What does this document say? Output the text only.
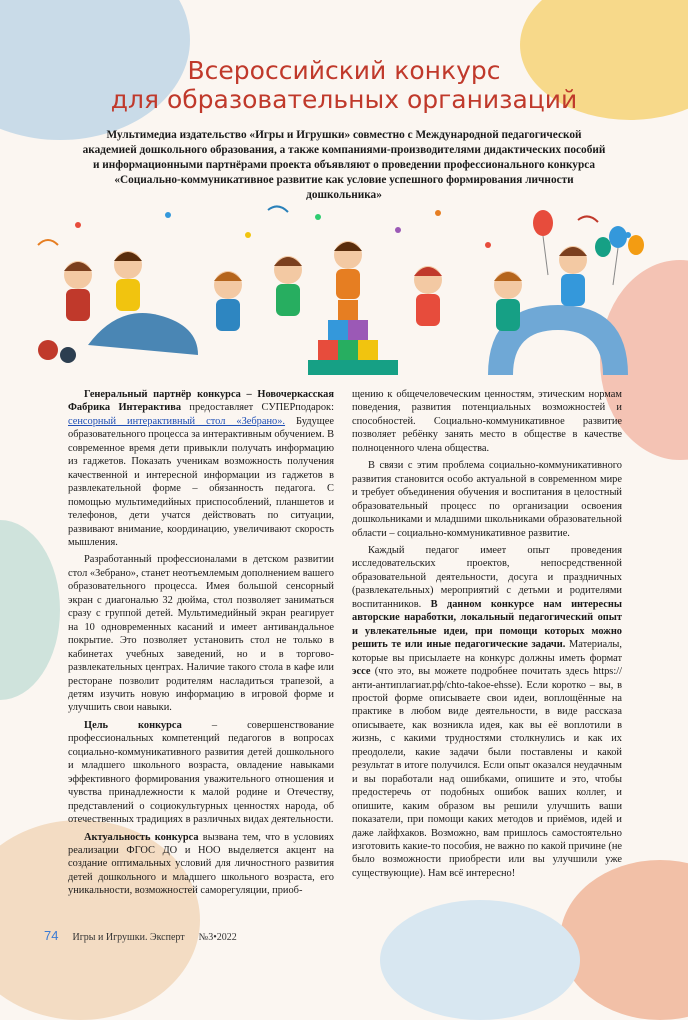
Всероссийский конкурс
для образовательных организаций
Мультимедиа издательство «Игры и Игрушки» совместно с Международной педагогической академией дошкольного образования, а также компаниями-производителями дидактических пособий и информационными партнёрами проекта объявляют о проведении профессионального конкурса «Социально-коммуникативное развитие как условие успешного формирования личности дошкольника»

Генеральный партнёр конкурса – Новочеркасская Фабрика Интерактива предоставляет СУПЕРподарок: сенсорный интерактивный стол «Зебрано». Будущее образовательного процесса за интерактивным обучением. В современное время дети привыкли получать информацию из гаджетов. Показать ученикам возможность получения качественной и интересной информации из гаджетов в развлекательной форме – обязанность педагога. С помощью мультимедийных приспособлений, планшетов и телефонов, дети учатся действовать по ситуации, развивают внимание, координацию, увеличивают скорость мышления.

Разработанный профессионалами в детском развитии стол «Зебрано», станет неотъемлемым дополнением вашего образовательного процесса. Имея большой сенсорный экран с диагональю 32 дюйма, стол позволяет заниматься сразу с группой детей. Мультимедийный экран реагирует на 10 одновременных касаний и имеет антивандальное покрытие. Это позволяет установить стол не только в кабинетах учебных заведений, но и в торгово-развлекательных центрах. Наличие такого стола в кафе или ресторане позволит родителям насладиться трапезой, а детям изучить новую информацию в игровой форме и улучшить свои навыки.

Цель конкурса – совершенствование профессиональных компетенций педагогов в вопросах социально-коммуникативного развития детей дошкольного и младшего школьного возраста, овладение навыками эффективного формирования уважительного отношения и чувства принадлежности к малой родине и Отечеству, представлений о социокультурных ценностях народа, об отечественных традициях в различных видах деятельности.

Актуальность конкурса вызвана тем, что в условиях реализации ФГОС ДО и НОО выделяется акцент на создание оптимальных условий для личностного развития детей дошкольного и младшего школьного возраста, его уникальности, возможностей саморегуляции, приоб-

щению к общечеловеческим ценностям, этическим нормам поведения, развития потенциальных возможностей и способностей. Социально-коммуникативное развитие позволяет ребёнку занять место в обществе в качестве полноценного члена общества.

В связи с этим проблема социально-коммуникативного развития становится особо актуальной в современном мире и требует объединения обучения и воспитания в целостный образовательный процесс по организации освоения дошкольниками и младшими школьниками образовательной области – социально-коммуникативное развитие.

Каждый педагог имеет опыт проведения исследовательских проектов, непосредственной образовательной деятельности, досуга и праздничных (развлекательных) мероприятий с детьми и родителями воспитанников. В данном конкурсе нам интересны авторские наработки, локальный педагогический опыт и увлекательные идеи, при помощи которых можно решить те или иные педагогические задачи. Материалы, которые вы присылаете на конкурс должны иметь формат эссе (что это, вы можете подробнее почитать здесь https://анти-антиплагиат.рф/chto-takoe-ehsse). Если коротко – вы, в простой форме описываете свои идеи, воплощённые на практике в любом виде деятельности, в виде рассказа описываете, как возникла идея, как вы её воплотили в жизнь, с какими трудностями столкнулись и как их преодолели, какие задачи были поставлены и какой результат в итоге получился. Если опыт оказался неудачным и вы поработали над ошибками, опишите и это, чтобы предостеречь от подобных ошибок ваших коллег, и опишите, каким образом вы решили улучшить ваши показатели, при помощи каких методов и приёмов, идей и даже лайфхаков. Возможно, вам пришлось самостоятельно изготовить какие-то пособия, не важно по какой причине (не было возможности приобрести или вы улучшили уже существующие). Нам всё интересно!

74 Игры и Игрушки. Эксперт №3•2022
